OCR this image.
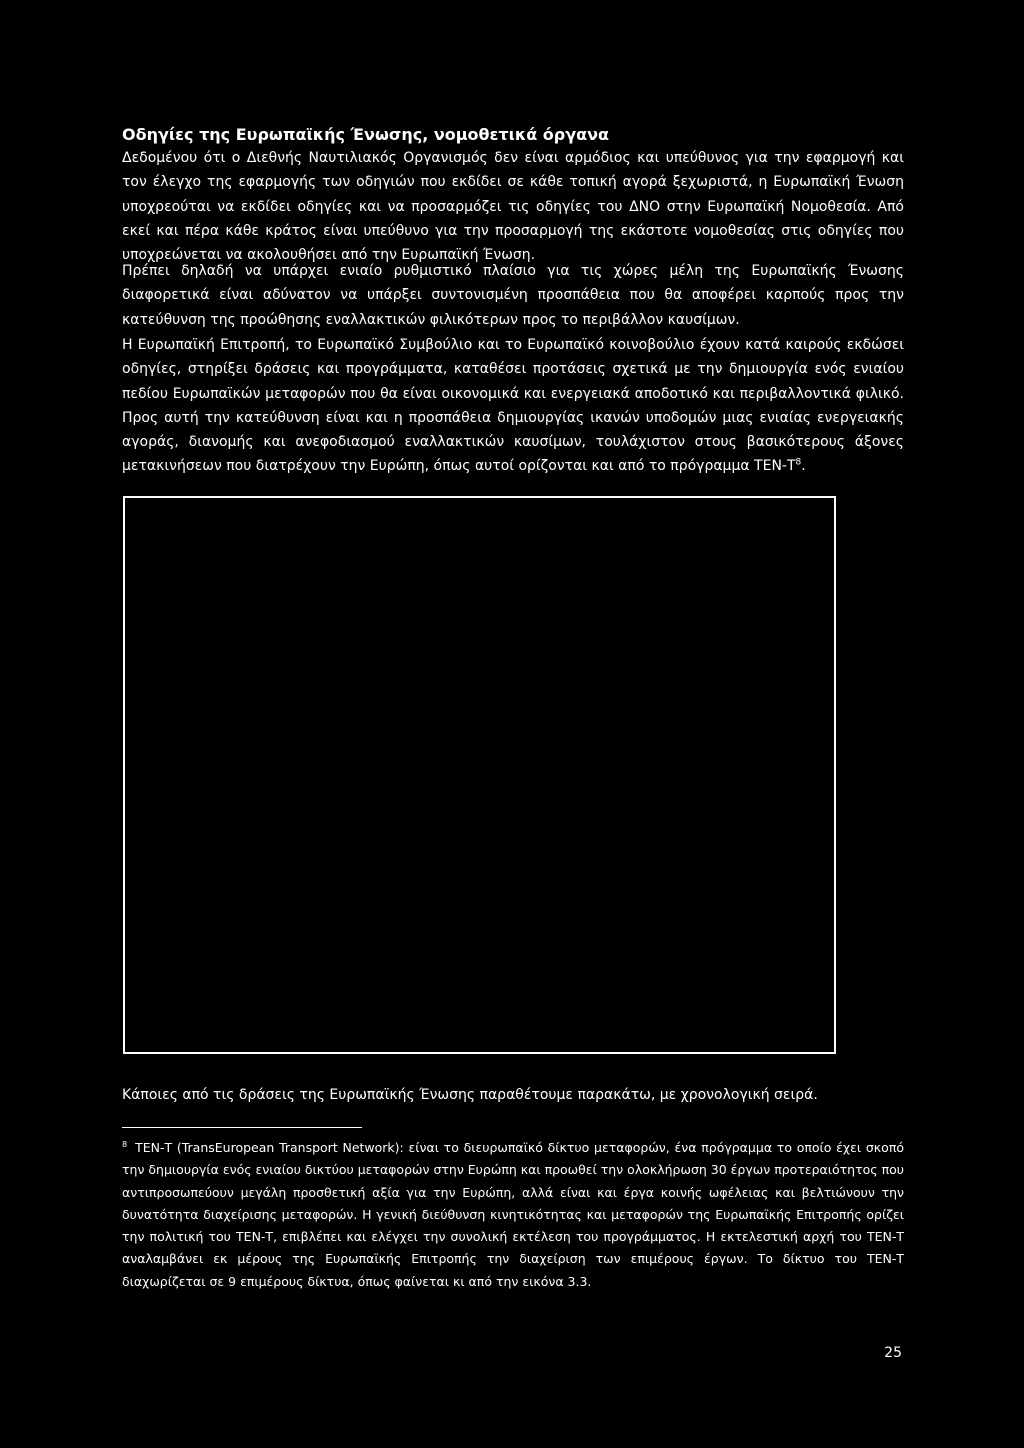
Οδηγίες της Ευρωπαϊκής Ένωσης, νομοθετικά όργανα

Δεδομένου ότι ο Διεθνής Ναυτιλιακός Οργανισμός δεν είναι αρμόδιος και υπεύθυνος για την εφαρμογή και τον έλεγχο της εφαρμογής των οδηγιών που εκδίδει σε κάθε τοπική αγορά ξεχωριστά, η Ευρωπαϊκή Ένωση υποχρεούται να εκδίδει οδηγίες και να προσαρμόζει τις οδηγίες του ΔΝΟ στην Ευρωπαϊκή Νομοθεσία. Από εκεί και πέρα κάθε κράτος είναι υπεύθυνο για την προσαρμογή της εκάστοτε νομοθεσίας στις οδηγίες που υποχρεώνεται να ακολουθήσει από την Ευρωπαϊκή Ένωση.

Πρέπει δηλαδή να υπάρχει ενιαίο ρυθμιστικό πλαίσιο για τις χώρες μέλη της Ευρωπαϊκής Ένωσης διαφορετικά είναι αδύνατον να υπάρξει συντονισμένη προσπάθεια που θα αποφέρει καρπούς προς την κατεύθυνση της προώθησης εναλλακτικών φιλικότερων προς το περιβάλλον καυσίμων.

Η Ευρωπαϊκή Επιτροπή, το Ευρωπαϊκό Συμβούλιο και το Ευρωπαϊκό κοινοβούλιο έχουν κατά καιρούς εκδώσει οδηγίες, στηρίξει δράσεις και προγράμματα, καταθέσει προτάσεις σχετικά με την δημιουργία ενός ενιαίου πεδίου Ευρωπαϊκών μεταφορών που θα είναι οικονομικά και ενεργειακά αποδοτικό και περιβαλλοντικά φιλικό. Προς αυτή την κατεύθυνση είναι και η προσπάθεια δημιουργίας ικανών υποδομών μιας ενιαίας ενεργειακής αγοράς, διανομής και ανεφοδιασμού εναλλακτικών καυσίμων, τουλάχιστον στους βασικότερους άξονες μετακινήσεων που διατρέχουν την Ευρώπη, όπως αυτοί ορίζονται και από το πρόγραμμα ΤΕΝ-$T^8$.

Κάποιες από τις δράσεις της Ευρωπαϊκής Ένωσης παραθέτουμε παρακάτω, με χρονολογική σειρά.

$^8$ ΤΕΝ-Τ (TransEuropean Transport Network): είναι το διευρωπαϊκό δίκτυο μεταφορών, ένα πρόγραμμα το οποίο έχει σκοπό την δημιουργία ενός ενιαίου δικτύου μεταφορών στην Ευρώπη και προωθεί την ολοκλήρωση 30 έργων προτεραιότητος που αντιπροσωπεύουν μεγάλη προσθετική αξία για την Ευρώπη, αλλά είναι και έργα κοινής ωφέλειας και βελτιώνουν την δυνατότητα διαχείρισης μεταφορών. Η γενική διεύθυνση κινητικότητας και μεταφορών της Ευρωπαϊκής Επιτροπής ορίζει την πολιτική του ΤΕΝ-Τ, επιβλέπει και ελέγχει την συνολική εκτέλεση του προγράμματος. Η εκτελεστική αρχή του ΤΕΝ-Τ αναλαμβάνει εκ μέρους της Ευρωπαϊκής Επιτροπής την διαχείριση των επιμέρους έργων. Το δίκτυο του ΤΕΝ-Τ διαχωρίζεται σε 9 επιμέρους δίκτυα, όπως φαίνεται κι από την εικόνα 3.3.

25
